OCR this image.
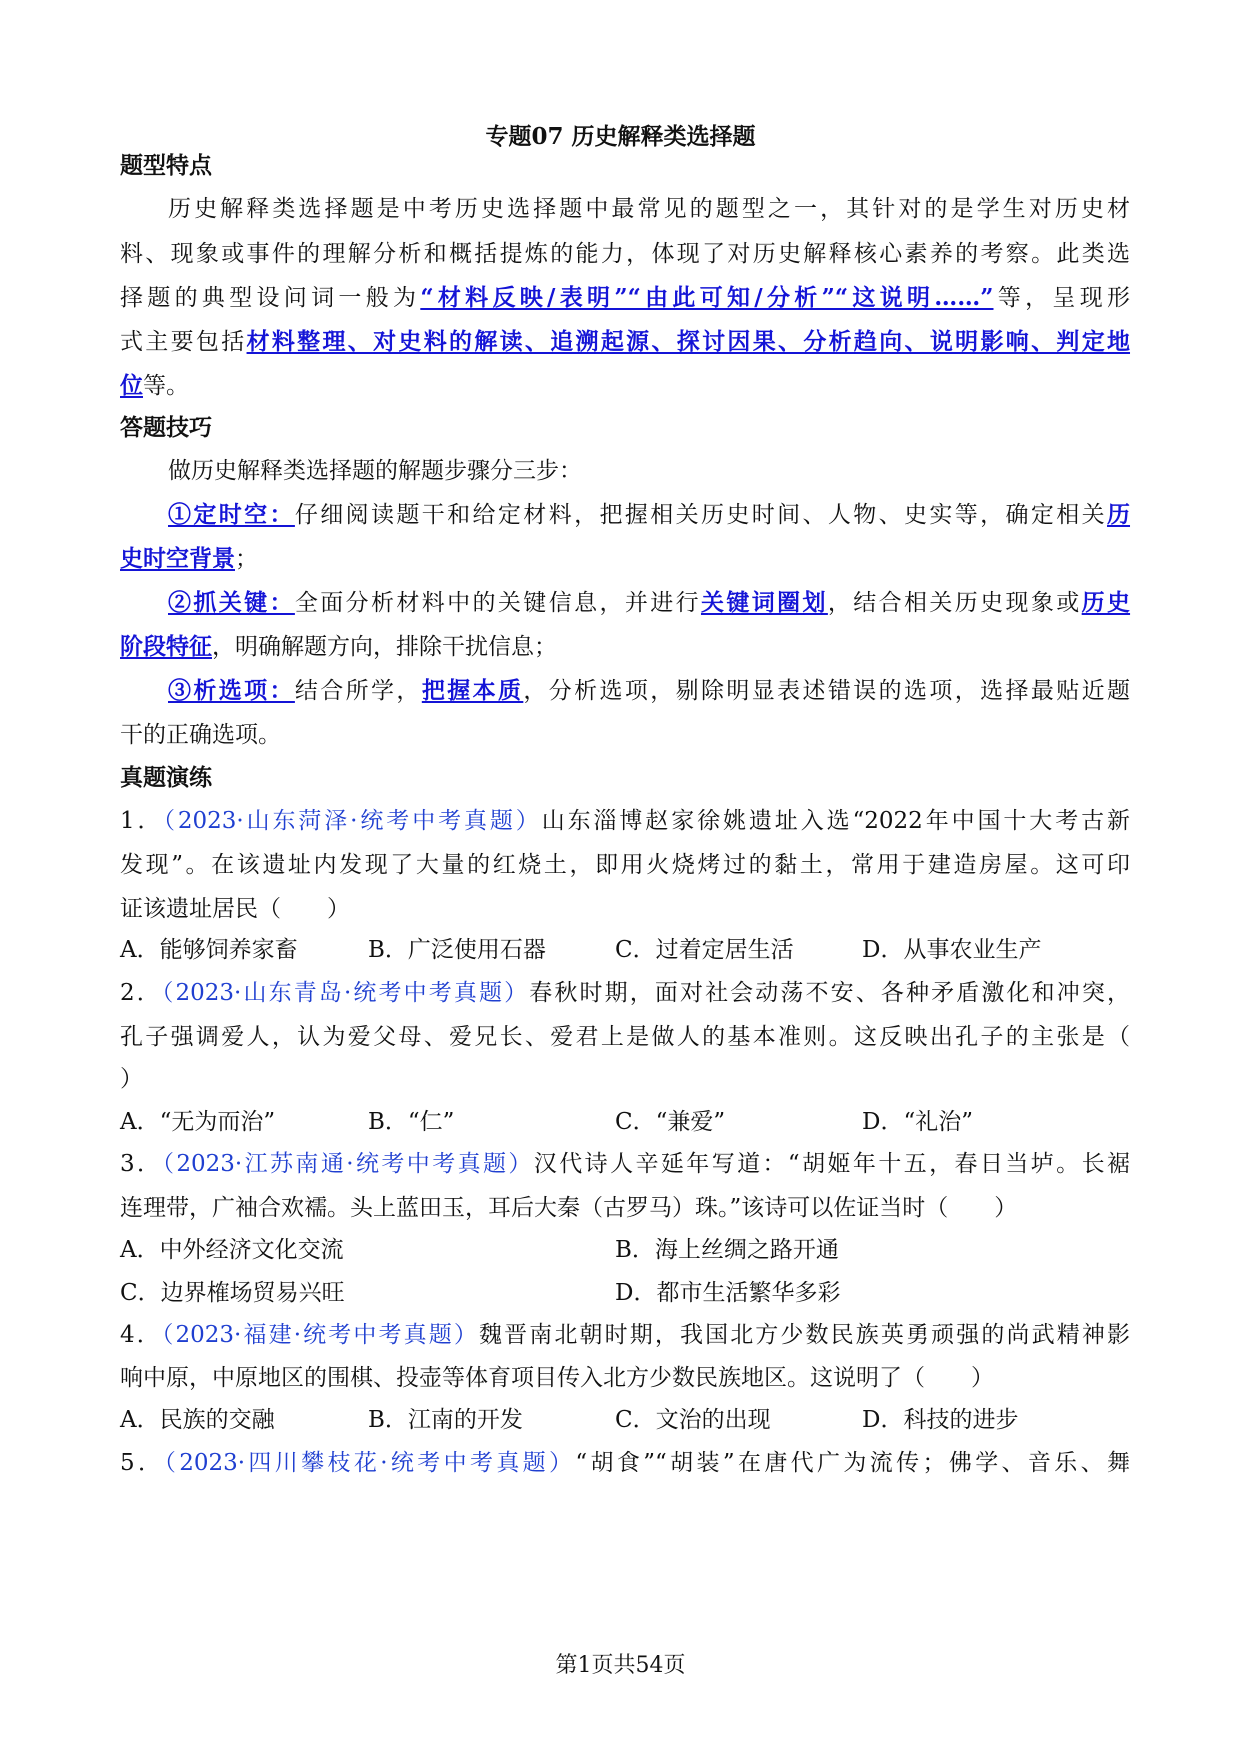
专题07 历史解释类选择题
题型特点
历史解释类选择题是中考历史选择题中最常见的题型之一，其针对的是学生对历史材
料、现象或事件的理解分析和概括提炼的能力，体现了对历史解释核心素养的考察。此类选
择题的典型设问词一般为“材料反映/表明”“由此可知/分析”“这说明……”等，呈现形
式主要包括材料整理、对史料的解读、追溯起源、探讨因果、分析趋向、说明影响、判定地
位等。
答题技巧
做历史解释类选择题的解题步骤分三步：
①定时空：仔细阅读题干和给定材料，把握相关历史时间、人物、史实等，确定相关历
史时空背景；
②抓关键：全面分析材料中的关键信息，并进行关键词圈划，结合相关历史现象或历史
阶段特征，明确解题方向，排除干扰信息；
③析选项：结合所学，把握本质，分析选项，剔除明显表述错误的选项，选择最贴近题
干的正确选项。
真题演练
1．（2023·山东菏泽·统考中考真题）山东淄博赵家徐姚遗址入选“2022年中国十大考古新
发现”。在该遗址内发现了大量的红烧土，即用火烧烤过的黏土，常用于建造房屋。这可印
证该遗址居民（　　）
A．能够饲养家畜	B．广泛使用石器	C．过着定居生活	D．从事农业生产
2．（2023·山东青岛·统考中考真题）春秋时期，面对社会动荡不安、各种矛盾激化和冲突，
孔子强调爱人，认为爱父母、爱兄长、爱君上是做人的基本准则。这反映出孔子的主张是（
）
A．“无为而治”	B．“仁”	C．“兼爱”	D．“礼治”
3．（2023·江苏南通·统考中考真题）汉代诗人辛延年写道：“胡姬年十五，春日当垆。长裾
连理带，广袖合欢襦。头上蓝田玉，耳后大秦（古罗马）珠。”该诗可以佐证当时（　　）
A．中外经济文化交流	B．海上丝绸之路开通
C．边界榷场贸易兴旺	D．都市生活繁华多彩
4．（2023·福建·统考中考真题）魏晋南北朝时期，我国北方少数民族英勇顽强的尚武精神影
响中原，中原地区的围棋、投壶等体育项目传入北方少数民族地区。这说明了（　　）
A．民族的交融	B．江南的开发	C．文治的出现	D．科技的进步
5．（2023·四川攀枝花·统考中考真题）“胡食”“胡装”在唐代广为流传；佛学、音乐、舞
第1页共54页
